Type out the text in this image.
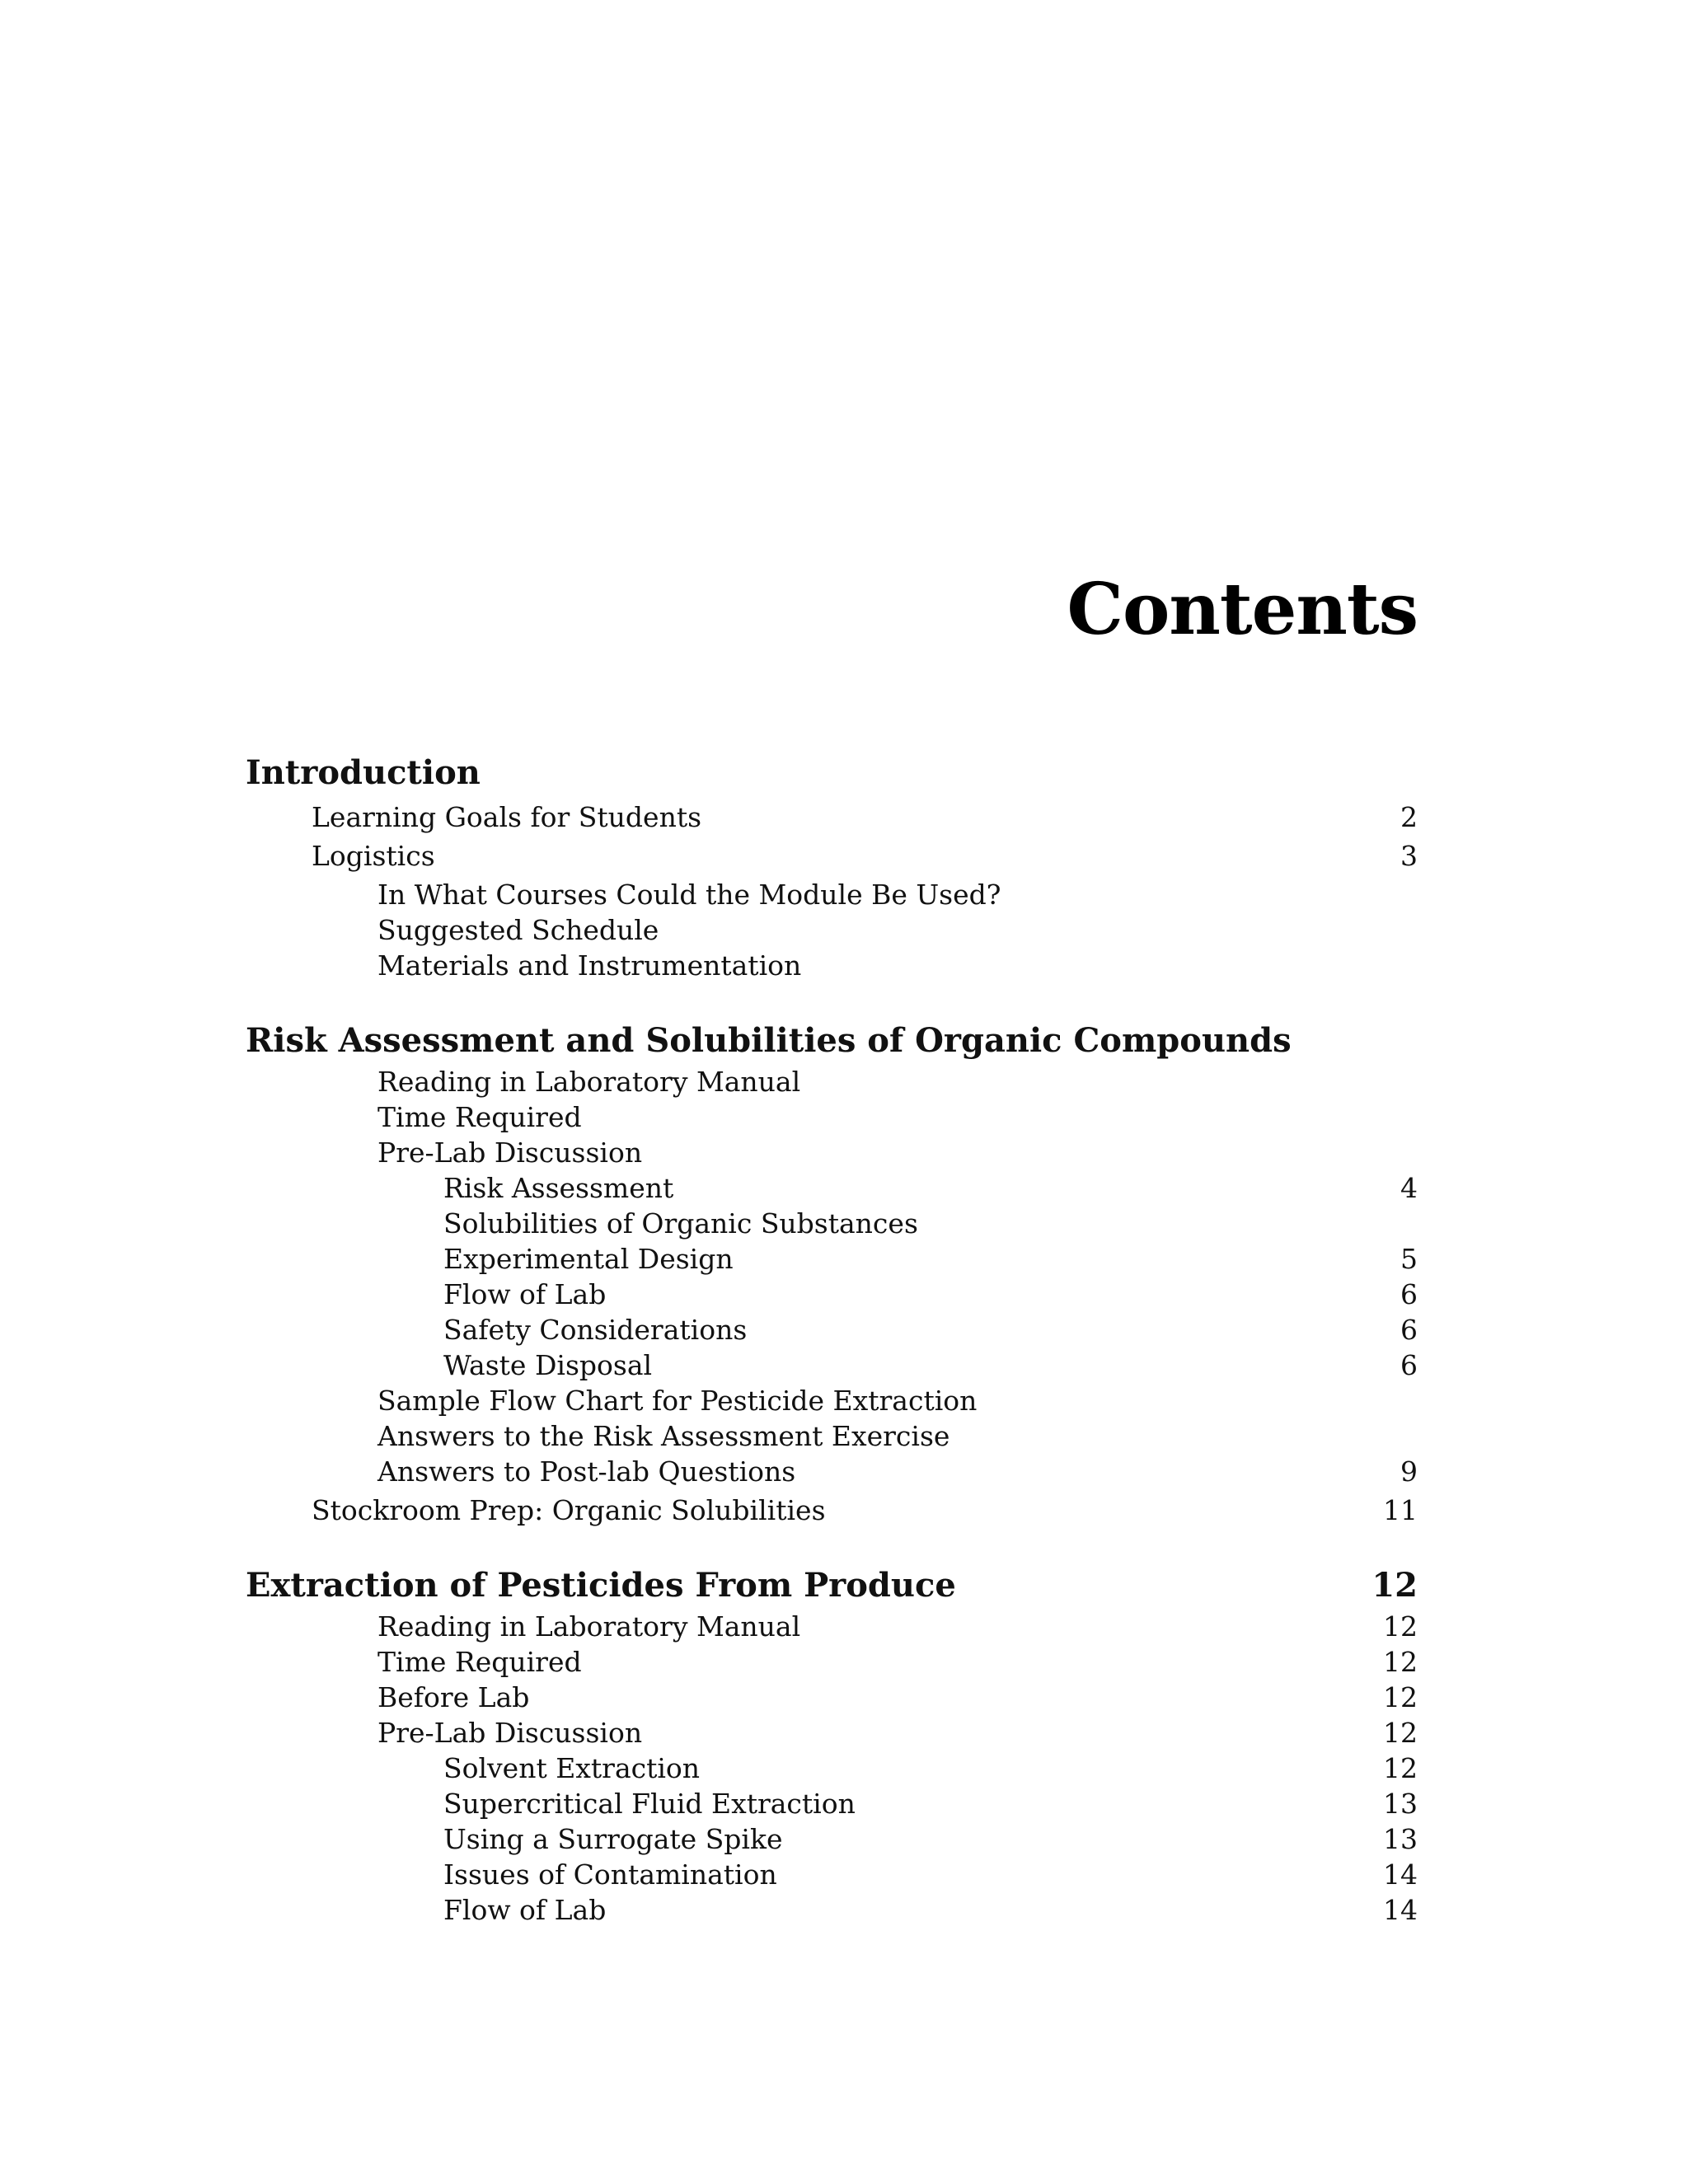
Contents
Introduction
Learning Goals for Students	2
Logistics	3
In What Courses Could the Module Be Used?
Suggested Schedule
Materials and Instrumentation
Risk Assessment and Solubilities of Organic Compounds
Reading in Laboratory Manual
Time Required
Pre-Lab Discussion
Risk Assessment	4
Solubilities of Organic Substances
Experimental Design	5
Flow of Lab	6
Safety Considerations	6
Waste Disposal	6
Sample Flow Chart for Pesticide Extraction
Answers to the Risk Assessment Exercise
Answers to Post-lab Questions	9
Stockroom Prep: Organic Solubilities	11
Extraction of Pesticides From Produce	12
Reading in Laboratory Manual	12
Time Required	12
Before Lab	12
Pre-Lab Discussion	12
Solvent Extraction	12
Supercritical Fluid Extraction	13
Using a Surrogate Spike	13
Issues of Contamination	14
Flow of Lab	14
